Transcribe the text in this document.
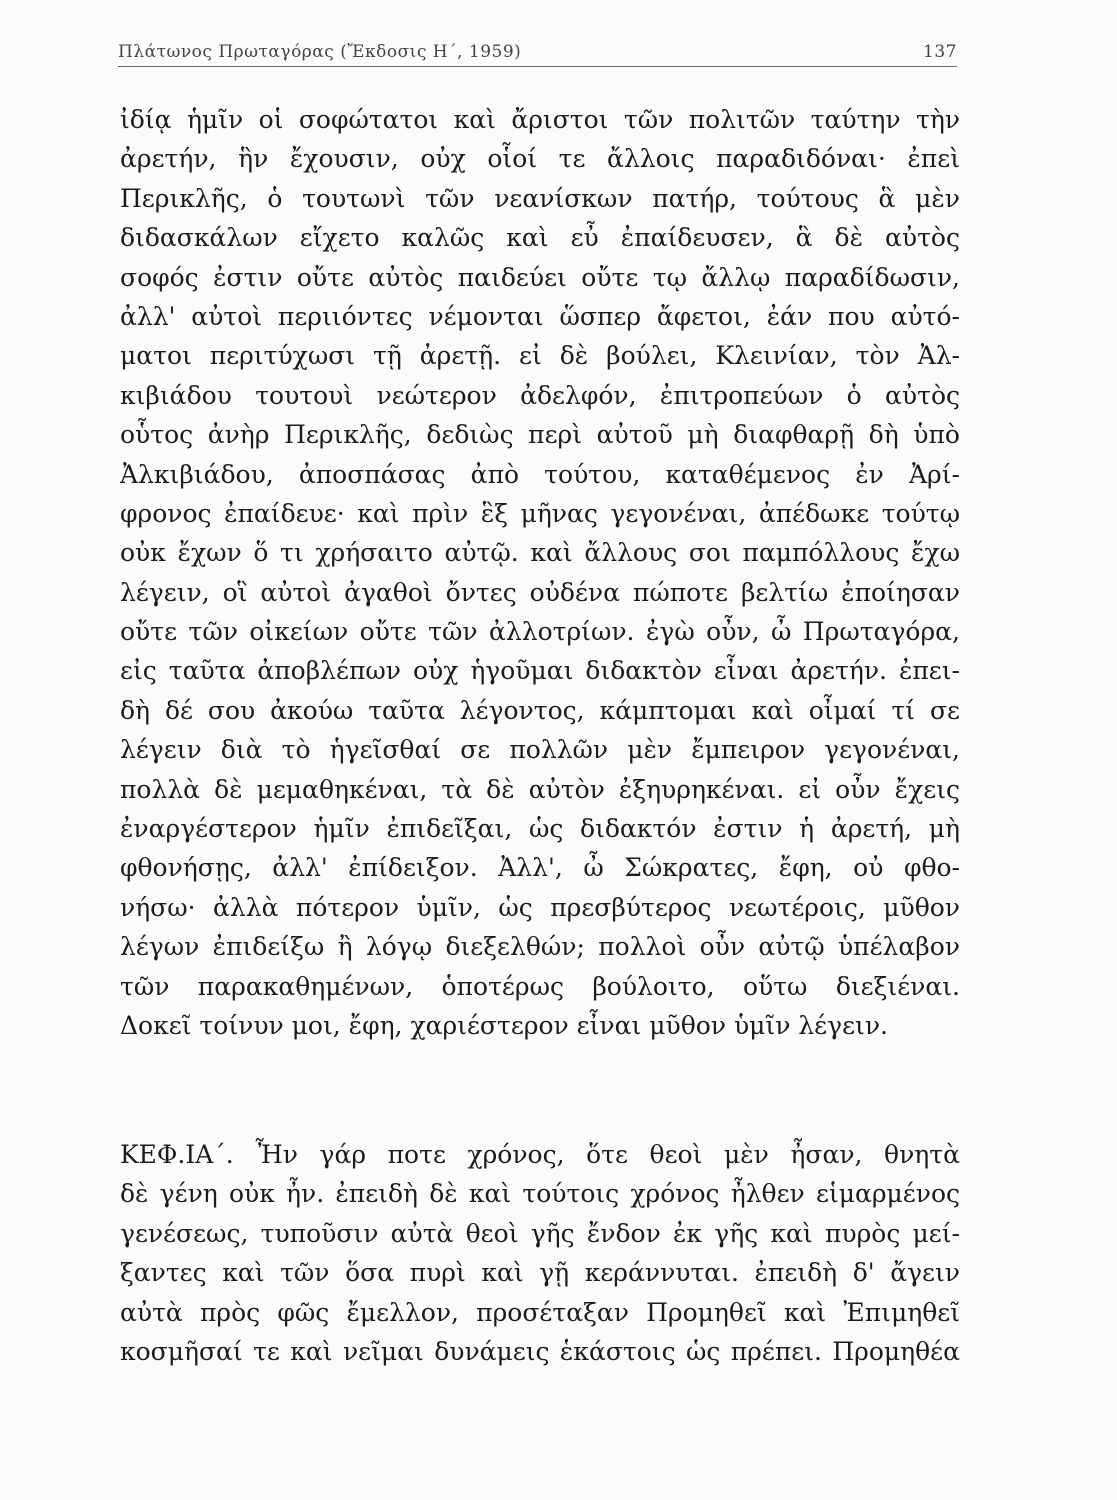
Πλάτωνος Πρωταγόρας (Ἔκδοσις Η΄, 1959)	137
ἰδίᾳ ἡμῖν οἱ σοφώτατοι καὶ ἄριστοι τῶν πολιτῶν ταύτην τὴν
ἀρετήν, ἣν ἔχουσιν, οὐχ οἷοί τε ἄλλοις παραδιδόναι· ἐπεὶ
Περικλῆς, ὁ τουτωνὶ τῶν νεανίσκων πατήρ, τούτους ἃ μὲν
διδασκάλων εἴχετο καλῶς καὶ εὖ ἐπαίδευσεν, ἃ δὲ αὐτὸς
σοφός ἐστιν οὔτε αὐτὸς παιδεύει οὔτε τῳ ἄλλῳ παραδίδωσιν,
ἀλλ' αὐτοὶ περιιόντες νέμονται ὥσπερ ἄφετοι, ἐάν που αὐτό-
ματοι περιτύχωσι τῇ ἀρετῇ. εἰ δὲ βούλει, Κλεινίαν, τὸν Ἀλ-
κιβιάδου τουτουὶ νεώτερον ἀδελφόν, ἐπιτροπεύων ὁ αὐτὸς
οὗτος ἀνὴρ Περικλῆς, δεδιὼς περὶ αὐτοῦ μὴ διαφθαρῇ δὴ ὑπὸ
Ἀλκιβιάδου, ἀποσπάσας ἀπὸ τούτου, καταθέμενος ἐν Ἀρί-
φρονος ἐπαίδευε· καὶ πρὶν ἓξ μῆνας γεγονέναι, ἀπέδωκε τούτῳ
οὐκ ἔχων ὅ τι χρήσαιτο αὐτῷ. καὶ ἄλλους σοι παμπόλλους ἔχω
λέγειν, οἳ αὐτοὶ ἀγαθοὶ ὄντες οὐδένα πώποτε βελτίω ἐποίησαν
οὔτε τῶν οἰκείων οὔτε τῶν ἀλλοτρίων. ἐγὼ οὖν, ὦ Πρωταγόρα,
εἰς ταῦτα ἀποβλέπων οὐχ ἡγοῦμαι διδακτὸν εἶναι ἀρετήν. ἐπει-
δὴ δέ σου ἀκούω ταῦτα λέγοντος, κάμπτομαι καὶ οἶμαί τί σε
λέγειν διὰ τὸ ἡγεῖσθαί σε πολλῶν μὲν ἔμπειρον γεγονέναι,
πολλὰ δὲ μεμαθηκέναι, τὰ δὲ αὐτὸν ἐξηυρηκέναι. εἰ οὖν ἔχεις
ἐναργέστερον ἡμῖν ἐπιδεῖξαι, ὡς διδακτόν ἐστιν ἡ ἀρετή, μὴ
φθονήσῃς, ἀλλ' ἐπίδειξον. Ἀλλ', ὦ Σώκρατες, ἔφη, οὐ φθο-
νήσω· ἀλλὰ πότερον ὑμῖν, ὡς πρεσβύτερος νεωτέροις, μῦθον
λέγων ἐπιδείξω ἢ λόγῳ διεξελθών; πολλοὶ οὖν αὐτῷ ὑπέλαβον
τῶν παρακαθημένων, ὁποτέρως βούλοιτο, οὕτω διεξιέναι.
Δοκεῖ τοίνυν μοι, ἔφη, χαριέστερον εἶναι μῦθον ὑμῖν λέγειν.
ΚΕΦ.ΙΑ΄. Ἦν γάρ ποτε χρόνος, ὅτε θεοὶ μὲν ἦσαν, θνητὰ
δὲ γένη οὐκ ἦν. ἐπειδὴ δὲ καὶ τούτοις χρόνος ἦλθεν εἱμαρμένος
γενέσεως, τυποῦσιν αὐτὰ θεοὶ γῆς ἔνδον ἐκ γῆς καὶ πυρὸς μεί-
ξαντες καὶ τῶν ὅσα πυρὶ καὶ γῇ κεράννυται. ἐπειδὴ δ' ἄγειν
αὐτὰ πρὸς φῶς ἔμελλον, προσέταξαν Προμηθεῖ καὶ Ἐπιμηθεῖ
κοσμῆσαί τε καὶ νεῖμαι δυνάμεις ἑκάστοις ὡς πρέπει. Προμηθέα
